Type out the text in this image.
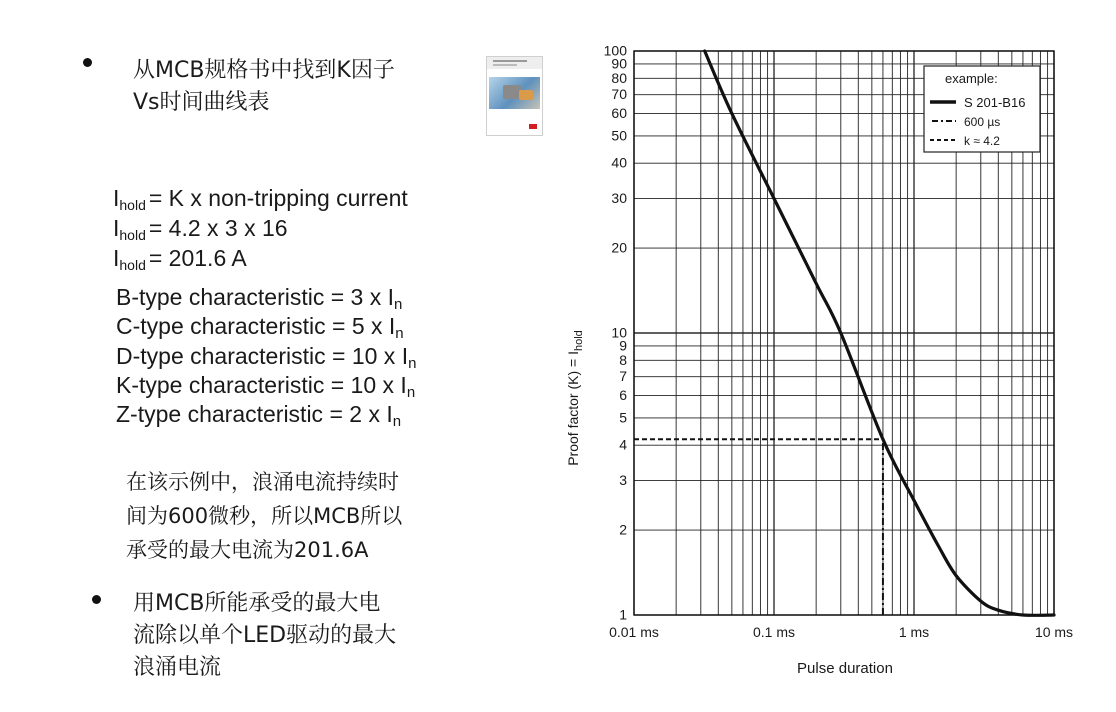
从MCB规格书中找到K因子
Vs时间曲线表
Ihold = K x non-tripping current
Ihold = 4.2 x 3 x 16
Ihold = 201.6 A
B-type characteristic = 3 x In
C-type characteristic = 5 x In
D-type characteristic = 10 x In
K-type characteristic = 10 x In
Z-type characteristic = 2 x In
在该示例中，浪涌电流持续时
间为600微秒，所以MCB所以
承受的最大电流为201.6A
用MCB所能承受的最大电
流除以单个LED驱动的最大
浪涌电流
1
2
3
4
5
6
7
8
9
10
20
30
40
50
60
70
80
90
100
0.01 ms	0.1 ms	1 ms	10 ms
Pulse duration
Proof factor $(K) = I_{hold}$
example:
S 201-B16
600 µs
k ≈ 4.2
